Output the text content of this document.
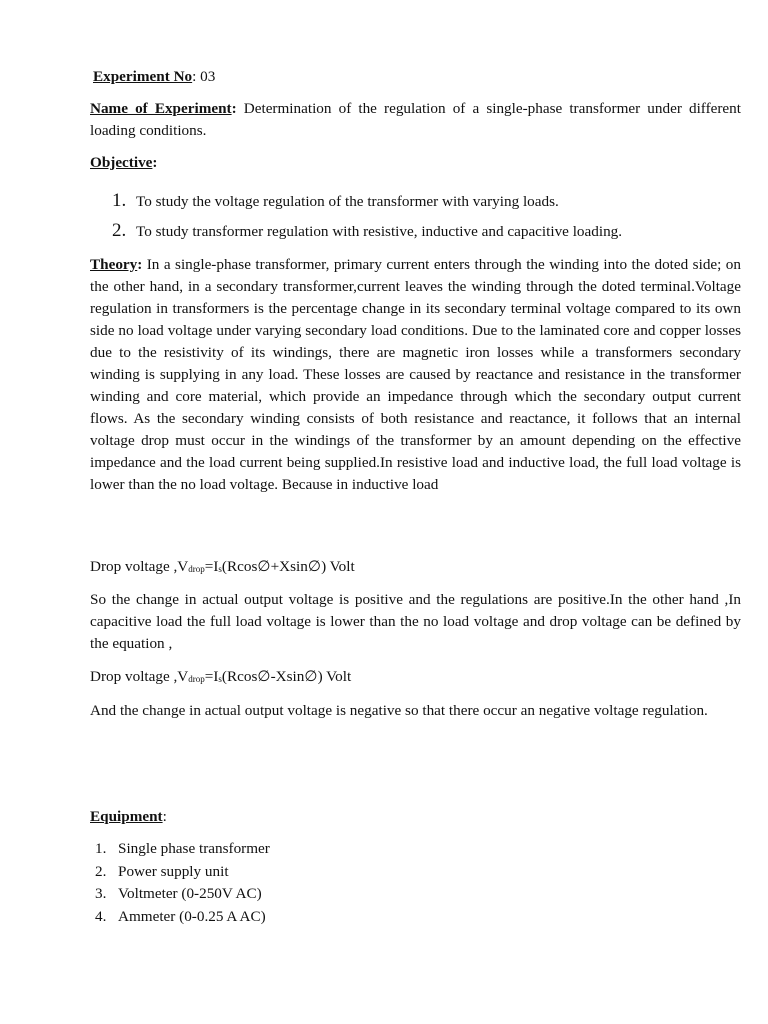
Experiment No: 03
Name of Experiment: Determination of the regulation of a single-phase transformer under different loading conditions.
Objective:
1. To study the voltage regulation of the transformer with varying loads.
2. To study transformer regulation with resistive, inductive and capacitive loading.
Theory: In a single-phase transformer, primary current enters through the winding into the doted side; on the other hand, in a secondary transformer,current leaves the winding through the doted terminal.Voltage regulation in transformers is the percentage change in its secondary terminal voltage compared to its own side no load voltage under varying secondary load conditions. Due to the laminated core and copper losses due to the resistivity of its windings, there are magnetic iron losses while a transformers secondary winding is supplying in any load. These losses are caused by reactance and resistance in the transformer winding and core material, which provide an impedance through which the secondary output current flows. As the secondary winding consists of both resistance and reactance, it follows that an internal voltage drop must occur in the windings of the transformer by an amount depending on the effective impedance and the load current being supplied.In resistive load and inductive load, the full load voltage is lower than the no load voltage. Because in inductive load
Drop voltage $,V_{drop}=I_s(Rcos\emptyset+Xsin\emptyset)$ Volt
So the change in actual output voltage is positive and the regulations are positive.In the other hand ,In capacitive load the full load voltage is lower than the no load voltage and drop voltage can be defined by the equation ,
Drop voltage $,V_{drop}=I_s(Rcos\emptyset-Xsin\emptyset)$ Volt
And the change in actual output voltage is negative so that there occur an negative voltage regulation.
Equipment:
1. Single phase transformer
2. Power supply unit
3. Voltmeter (0-250V AC)
4. Ammeter (0-0.25 A AC)
